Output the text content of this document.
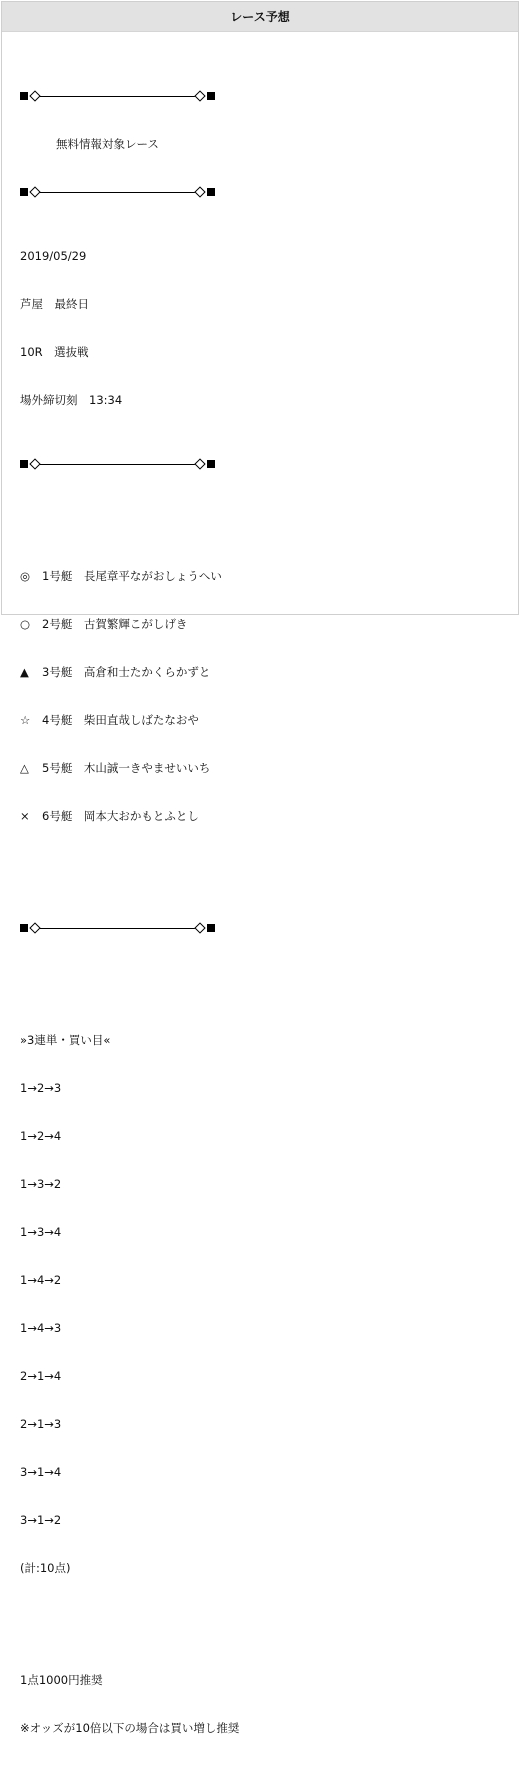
レース予想

無料情報対象レース

2019/05/29

芦屋　最終日

10R　選抜戦

場外締切刻　13:34

◎	1号艇　長尾章平ながおしょうへい

○	2号艇　古賀繁輝こがしげき

▲	3号艇　高倉和士たかくらかずと

☆	4号艇　柴田直哉しばたなおや

△	5号艇　木山誠一きやませいいち

×	6号艇　岡本大おかもとふとし

»3連単・買い目«

1→2→3

1→2→4

1→3→2

1→3→4

1→4→2

1→4→3

2→1→4

2→1→3

3→1→4

3→1→2

(計:10点)

1点1000円推奨

※オッズが10倍以下の場合は買い増し推奨
